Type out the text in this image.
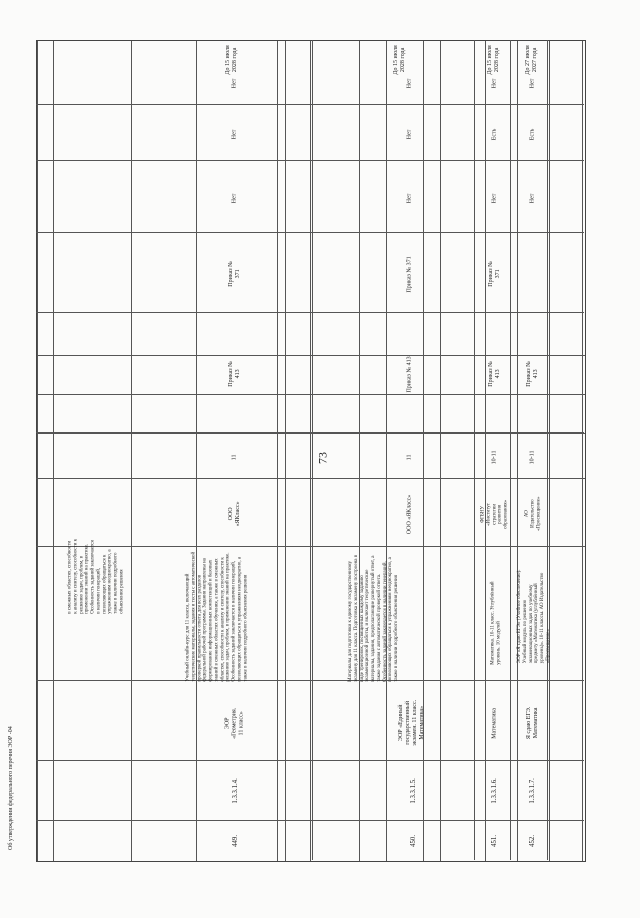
73
Об утверждении федерального перечня ЭОР -04
в смежных областях, способности к анализу и синтезу, способности к решению задач, проблем, в применении знаний на практике. Особенность заданий заключается в наличии генераций, позволяющих обращаться к упражнениям неоднократно, а также в наличии подробного объяснения решения
449.
1.3.3.1.4.
ЭОР «Геометрия. 11 класс»
Учебный онлайн-курс для 11 класса, включающий теоретические материалы, задания и тесты с автоматической проверкой правильности ответа для всех разделов федеральной рабочей программы. Задания направлены на формирование информационных компетенций и базовых знаний в смежных областях обучения, а также в смежных областях, способности к анализу и синтезу, способности к решению задач, проблем, в применении знаний на практике. Особенность заданий заключается в наличии генераций, позволяющих обращаться к упражнениям неоднократно, а также в наличии подробного объяснения решения
ООО «ЯКласс»
11
Приказ № 413
Приказ № 371
Нет
Нет
Нет
До 15 июля 2028 года
450.
1.3.3.1.5.
ЭОР «Единый государственный экзамен. 11 класс. Математика»
Материалы для подготовки к единому государственному экзамену для 11 класса. Подготовка к экзамену построена в виде тренировок, посвященных каждому заданию экзаменационной работы, и включает теоретические материалы, задания, предполагающие развернутый ответ, а также задания с автоматической проверкой ответа. Особенность заданий заключается в наличии генераций, позволяющих обращаться к упражнениям неоднократно, а также в наличии подробного объяснения решения
ООО «ЯКласс»
11
Приказ № 413
Приказ № 371
Нет
Нет
Нет
До 15 июля 2028 года
451.
1.3.3.1.6.
Математика
Математика. 10-11 класс. Углублённый уровень. 10 модулей
ФГБНУ «Институт стратегии развития образования»
10-11
Приказ № 413
Приказ № 371
Нет
Есть
Нет
До 15 июля 2028 года
452.
1.3.3.1.7.
Я сдаю ЕГЭ. Математика
ЭОР «Я сдаю ЕГЭ» (Учебное обеспечение). Учебный модуль по решению экзаменационных задач по учебному предмету «Математика (углублённый уровень)». 10-11 классы. АО Издательство «Просвещение»
АО Издательство «Просвещение»
10-11
Приказ № 413
Нет
Есть
Нет
До 27 июля 2027 года
